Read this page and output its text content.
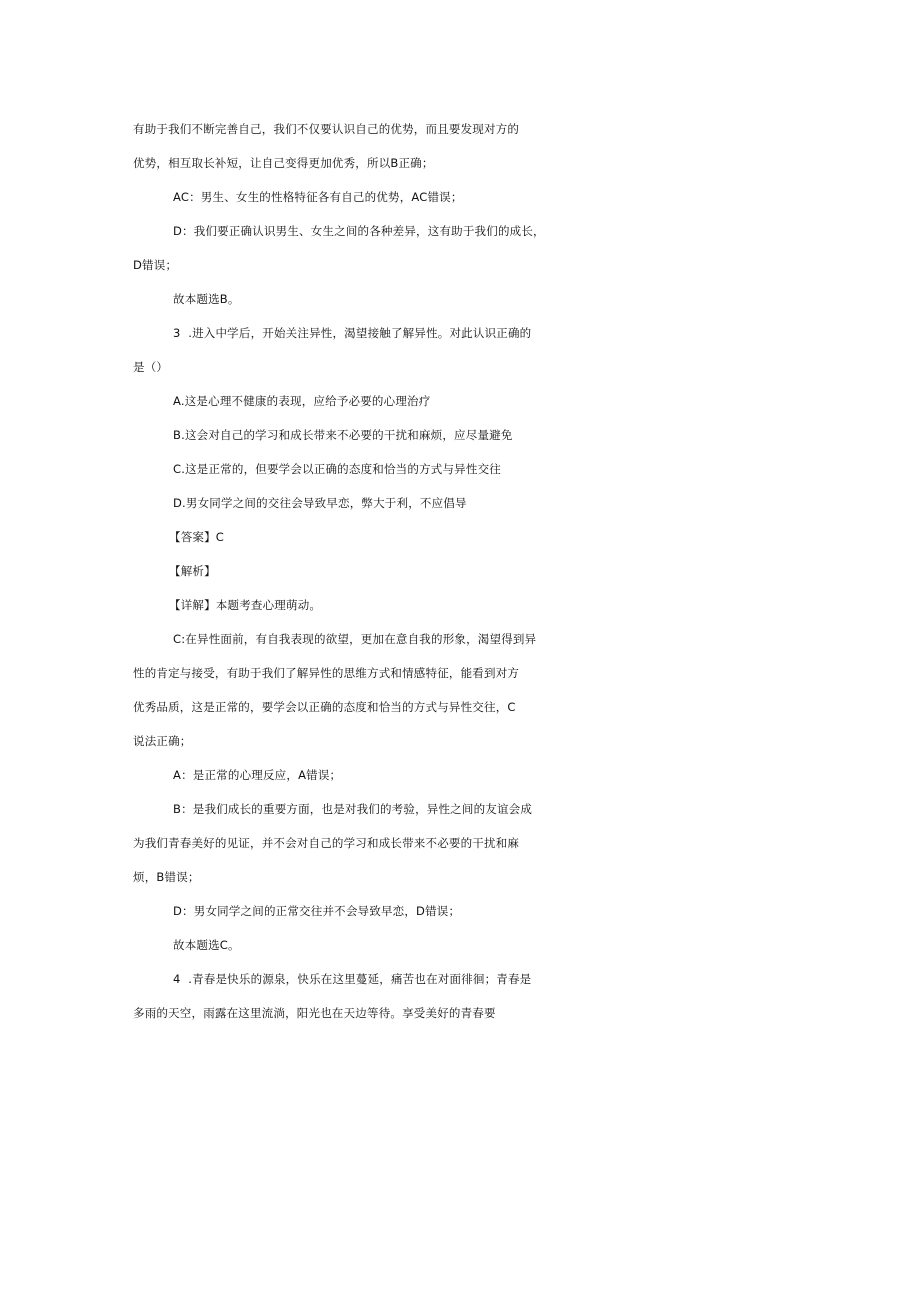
有助于我们不断完善自己，我们不仅要认识自己的优势，而且要发现对方的

优势，相互取长补短，让自己变得更加优秀，所以B正确；

AC：男生、女生的性格特征各有自己的优势，AC错误；

D：我们要正确认识男生、女生之间的各种差异，这有助于我们的成长，

D错误；

故本题选B。

3  .进入中学后，开始关注异性，渴望接触了解异性。对此认识正确的

是（）

A.这是心理不健康的表现，应给予必要的心理治疗

B.这会对自己的学习和成长带来不必要的干扰和麻烦，应尽量避免

C.这是正常的，但要学会以正确的态度和恰当的方式与异性交往

D.男女同学之间的交往会导致早恋，弊大于利，不应倡导

【答案】C

【解析】

【详解】本题考查心理萌动。

C:在异性面前，有自我表现的欲望，更加在意自我的形象，渴望得到异

性的肯定与接受，有助于我们了解异性的思维方式和情感特征，能看到对方

优秀品质，这是正常的，要学会以正确的态度和恰当的方式与异性交往，C

说法正确；

A：是正常的心理反应，A错误；

B：是我们成长的重要方面，也是对我们的考验，异性之间的友谊会成

为我们青春美好的见证，并不会对自己的学习和成长带来不必要的干扰和麻

烦，B错误；

D：男女同学之间的正常交往并不会导致早恋，D错误；

故本题选C。

4  .青春是快乐的源泉，快乐在这里蔓延，痛苦也在对面徘徊；青春是

多雨的天空，雨露在这里流淌，阳光也在天边等待。享受美好的青春要
